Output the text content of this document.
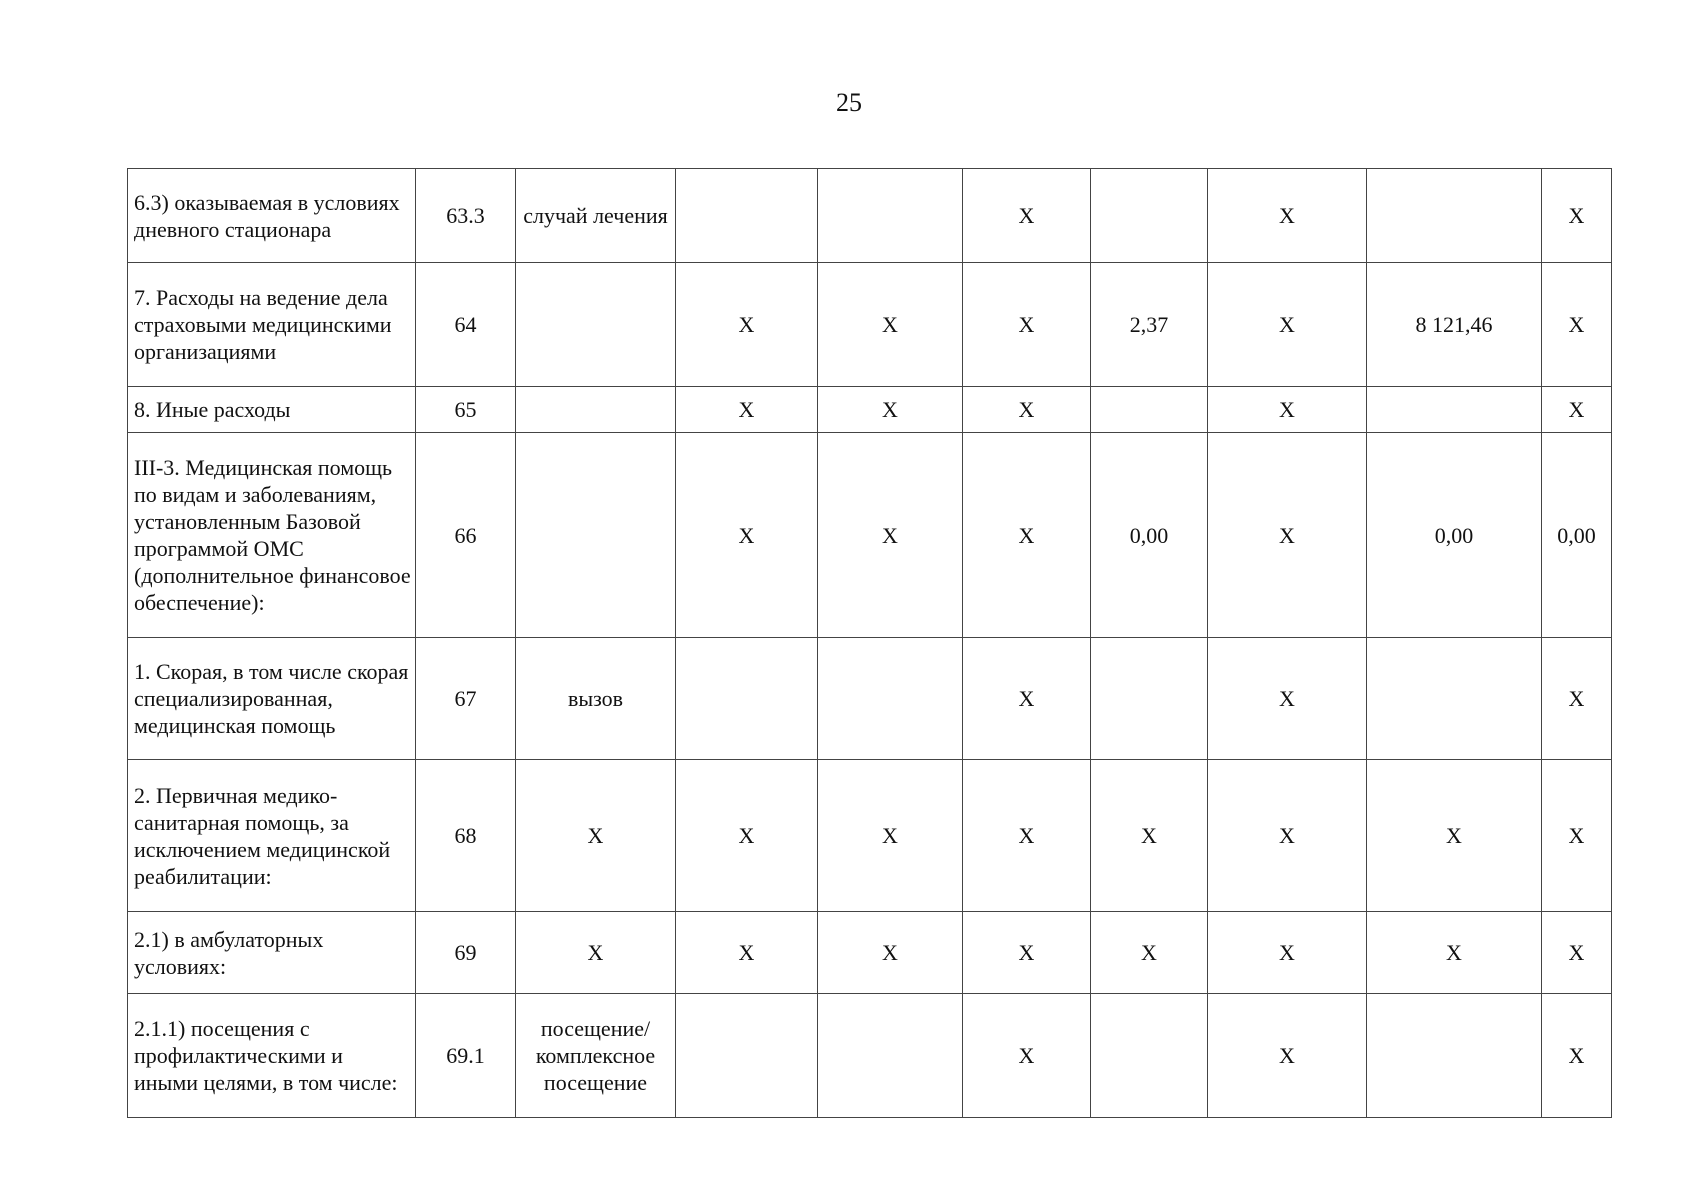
25
6.3) оказываемая в условиях дневного стационара	63.3	случай лечения			Х		Х		Х
7. Расходы на ведение дела страховыми медицинскими организациями	64		Х	Х	Х	2,37	Х	8 121,46	Х
8. Иные расходы	65		Х	Х	Х		Х		Х
III-3. Медицинская помощь по видам и заболеваниям, установленным Базовой программой ОМС (дополнительное финансовое обеспечение):	66		Х	Х	Х	0,00	Х	0,00	0,00
1. Скорая, в том числе скорая специализированная, медицинская помощь	67	вызов			Х		Х		Х
2. Первичная медико-санитарная помощь, за исключением медицинской реабилитации:	68	Х	Х	Х	Х	Х	Х	Х	Х
2.1) в амбулаторных условиях:	69	Х	Х	Х	Х	Х	Х	Х	Х
2.1.1) посещения с профилактическими и иными целями, в том числе:	69.1	посещение/ комплексное посещение			Х		Х		Х
